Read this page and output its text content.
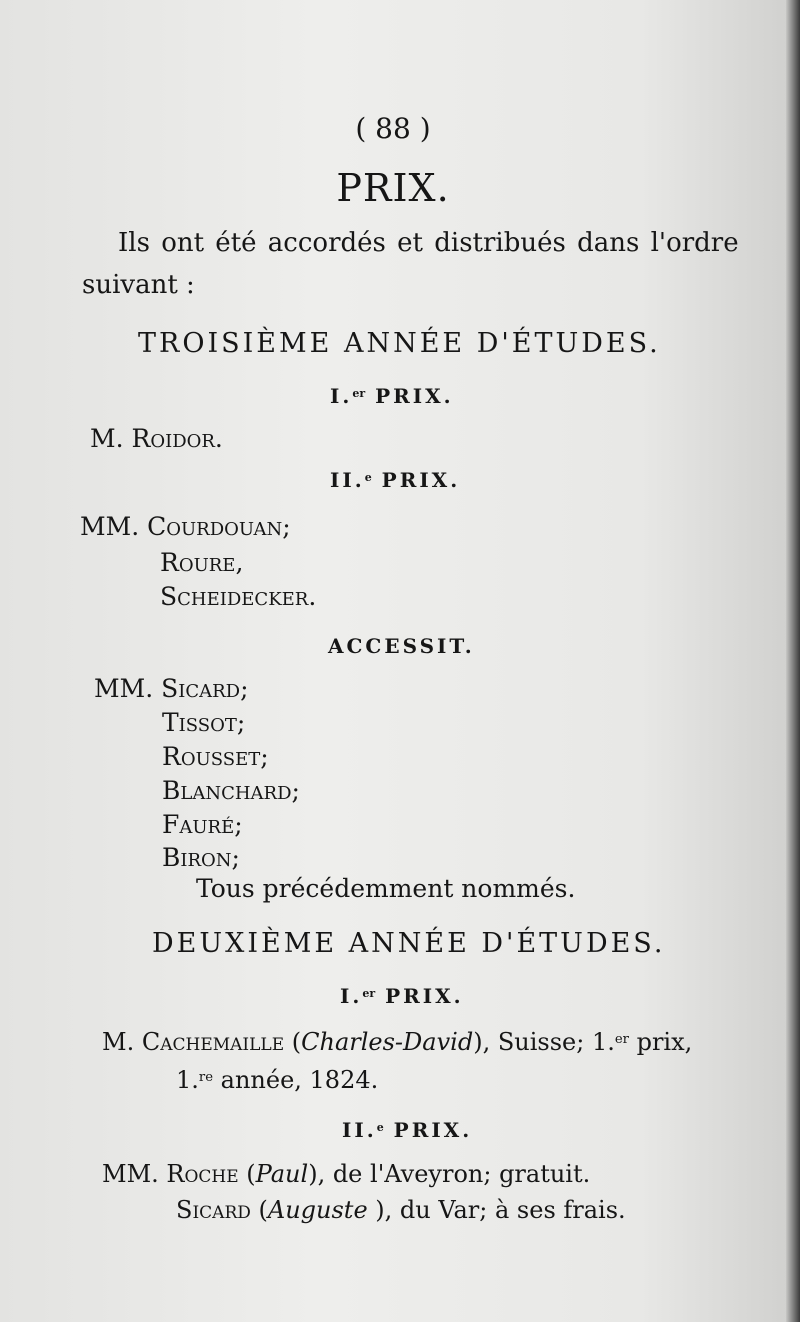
( 88 )
PRIX.
Ils ont été accordés et distribués dans l'ordre
suivant :
TROISIÈME ANNÉE D'ÉTUDES.
I.$^{er}$ PRIX.
M. Roidor.
II.$^e$ PRIX.
MM. Courdouan;
Roure,
Scheidecker.
ACCESSIT.
MM. Sicard;
Tissot;
Rousset;
Blanchard;
Fauré;
Biron;
Tous précédemment nommés.
DEUXIÈME ANNÉE D'ÉTUDES.
I.$^{er}$ PRIX.
M. Cachemaille (Charles-David), Suisse; 1.$^{er}$ prix,
1.$^{re}$ année, 1824.
II.$^e$ PRIX.
MM. Roche (Paul), de l'Aveyron; gratuit.
Sicard (Auguste ), du Var; à ses frais.
